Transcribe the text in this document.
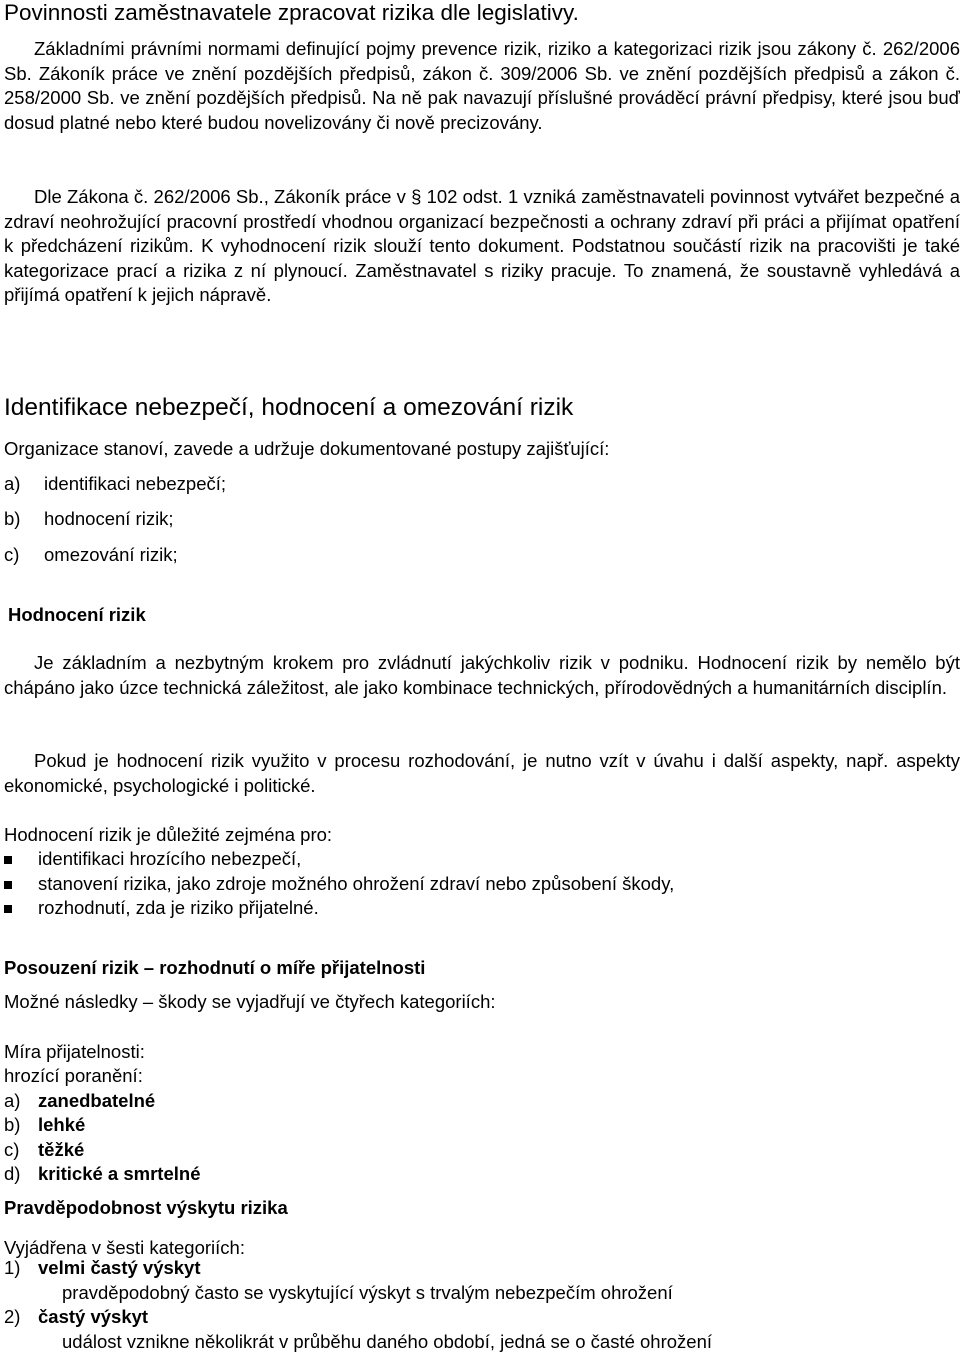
Povinnosti zaměstnavatele zpracovat rizika dle legislativy.
Základními právními normami definující pojmy prevence rizik, riziko a kategorizaci rizik jsou zákony č. 262/2006 Sb. Zákoník práce ve znění pozdějších předpisů, zákon č. 309/2006 Sb. ve znění pozdějších předpisů a zákon č. 258/2000 Sb. ve znění pozdějších předpisů. Na ně pak navazují příslušné prováděcí právní předpisy, které jsou buď dosud platné nebo které budou novelizovány či nově precizovány.
Dle Zákona č. 262/2006 Sb., Zákoník práce v § 102 odst. 1 vzniká zaměstnavateli povinnost vytvářet bezpečné a zdraví neohrožující pracovní prostředí vhodnou organizací bezpečnosti a ochrany zdraví při práci a přijímat opatření k předcházení rizikům. K vyhodnocení rizik slouží tento dokument. Podstatnou součástí rizik na pracovišti je také kategorizace prací a rizika z ní plynoucí. Zaměstnavatel s riziky pracuje. To znamená, že soustavně vyhledává a přijímá opatření k jejich nápravě.
Identifikace nebezpečí, hodnocení a omezování rizik
Organizace stanoví, zavede a udržuje dokumentované postupy zajišťující:
a) identifikaci nebezpečí;
b) hodnocení rizik;
c) omezování rizik;
Hodnocení rizik
Je základním a nezbytným krokem pro zvládnutí jakýchkoliv rizik v podniku. Hodnocení rizik by nemělo být chápáno jako úzce technická záležitost, ale jako kombinace technických, přírodovědných a humanitárních disciplín.
Pokud je hodnocení rizik využito v procesu rozhodování, je nutno vzít v úvahu i další aspekty, např. aspekty ekonomické, psychologické i politické.
Hodnocení rizik je důležité zejména pro:
identifikaci hrozícího nebezpečí,
stanovení rizika, jako zdroje možného ohrožení zdraví nebo způsobení škody,
rozhodnutí, zda je riziko přijatelné.
Posouzení rizik – rozhodnutí o míře přijatelnosti
Možné následky – škody se vyjadřují ve čtyřech kategoriích:
Míra přijatelnosti:
hrozící poranění:
a) zanedbatelné
b) lehké
c) těžké
d) kritické a smrtelné
Pravděpodobnost výskytu rizika
Vyjádřena v šesti kategoriích:
1) velmi častý výskyt
pravděpodobný často se vyskytující výskyt s trvalým nebezpečím ohrožení
2) častý výskyt
událost vznikne několikrát v průběhu daného období, jedná se o časté ohrožení
